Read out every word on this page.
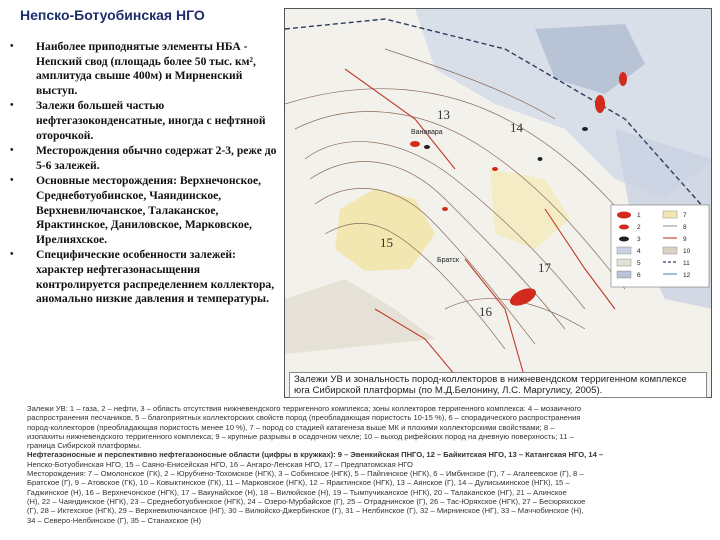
Непско-Ботуобинская НГО
• Наиболее приподнятые элементы НБА - Непский свод (площадь более 50 тыс. км², амплитуда свыше 400м) и Мирненский выступ.
• Залежи большей частью нефтегазоконденсатные, иногда с нефтяной оторочкой.
• Месторождения обычно содержат 2-3, реже до 5-6 залежей.
• Основные месторождения: Верхнечонское, Среднеботуобинское, Чаяндинское, Верхневилючанское, Талаканское, Ярактинское, Даниловское, Марковское, Ирелияхское.
• Специфические особенности залежей: характер нефтегазонасыщения контролируется распределением коллектора, аномально низкие давления и температуры.
13
14
15
16
17
Ванавара
Братск
1
2
3
4
5
6
7
8
9
10
11
12
Залежи УВ и зональность пород-коллекторов в нижневендском терригенном комплексе юга Сибирской платформы (по М.Д.Белонину, Л.С. Маргулису, 2005).

Залежи УВ: 1 – газа, 2 – нефти, 3 – область отсутствия нижневендского терригенного комплекса; зоны коллекторов терригенного комплекса: 4 – мозаичного

распространения песчаников, 5 – благоприятных коллекторских свойств пород (преобладающая пористость 10-15 %), 6 – спорадического распространения

пород-коллекторов (преобладающая пористость менее 10 %), 7 – пород со стадией катагенеза выше МК и плохими коллекторскими свойствами; 8 –

изопахиты нижневендского терригенного комплекса; 9 – крупные разрывы в осадочном чехле; 10 – выход рифейских пород на дневную поверхность; 11 –

граница Сибирской платформы.

Нефтегазоносные и перспективно нефтегазоносные области (цифры в кружках): 9 – Эвенкийская ПНГО, 12 – Байкитская НГО, 13 – Катангская НГО, 14 –

Непско-Ботуобинская НГО, 15 – Саяно-Енисейская НГО, 16 – Ангаро-Ленская НГО, 17 – Предпатомская НГО

Месторождения: 7 – Омолонское (ГК), 2 – Юрубчено-Тохомское (НГК), 3 – Собинское (НГК), 5 – Пайгинское (НГК), 6 – Имбинское (Г), 7 – Агалеевское (Г), 8 –

Братское (Г), 9 – Атовское (ГК), 10 – Ковыктинское (ГК), 11 – Марковское (НГК), 12 – Ярактинское (НГК), 13 – Аянское (Г), 14 – Дулисьминское (НГК), 15 –

Гаджинское (Н), 16 – Верхнечонское (НГК), 17 – Вакунайское (Н), 18 – Вилюйское (Н), 19 – Тымпучиканское (НГК), 20 – Талаканское (НГ), 21 – Алинское

(Н), 22 – Чаяндинское (НГК), 23 – Среднеботуобинское (НГК), 24 – Озеро-Мурбайское (Г), 25 – Отраднинское (Г), 26 – Тас-Юряхское (НГК), 27 – Бесюряхское

(Г), 28 – Иктехское (НГК), 29 – Верхневилючанское (НГ), 30 – Вилюйско-Джербинское (Г), 31 – Нелбинское (Г), 32 – Мирнинское (НГ), 33 – Маччобинское (Н),

34 – Северо-Нелбинское (Г), 35 – Станахское (Н)
